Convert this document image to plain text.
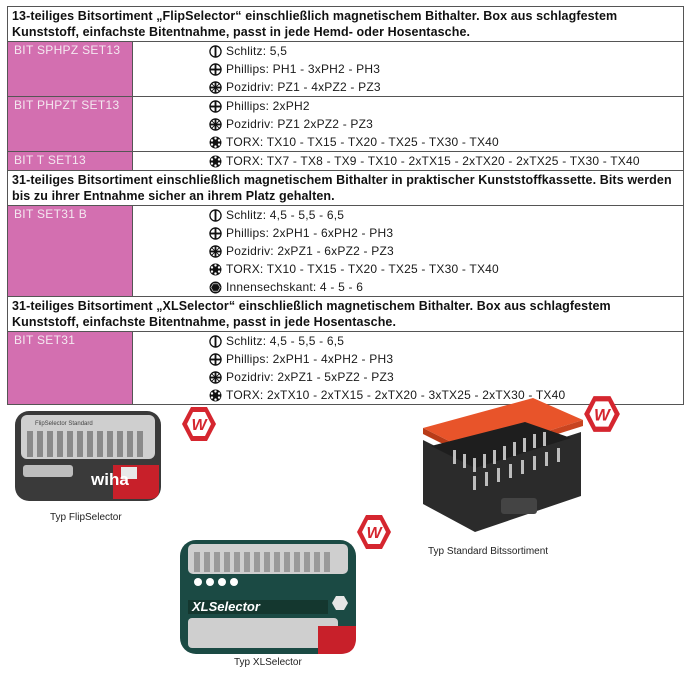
13-teiliges Bitsortiment „FlipSelector“ einschließlich magnetischem Bithalter. Box aus schlagfestem Kunststoff, einfachste Bitentnahme, passt in jede Hemd- oder Hosentasche.
BIT SPHPZ SET13	Schlitz: 5,5
Phillips: PH1 - 3xPH2 - PH3
Pozidriv: PZ1 - 4xPZ2 - PZ3
BIT PHPZT SET13	Phillips: 2xPH2
Pozidriv: PZ1 2xPZ2 - PZ3
TORX: TX10 - TX15 - TX20 - TX25 - TX30 - TX40
BIT T SET13	TORX: TX7 - TX8 - TX9 - TX10 - 2xTX15 - 2xTX20 - 2xTX25 - TX30 - TX40
31-teiliges Bitsortiment einschließlich magnetischem Bithalter in praktischer Kunststoffkassette. Bits werden bis zu ihrer Entnahme sicher an ihrem Platz gehalten.
BIT SET31 B	Schlitz: 4,5 - 5,5 - 6,5
Phillips: 2xPH1 - 6xPH2 - PH3
Pozidriv: 2xPZ1 - 6xPZ2 - PZ3
TORX: TX10 - TX15 - TX20 - TX25 - TX30 - TX40
Innensechskant: 4 - 5 - 6
31-teiliges Bitsortiment „XLSelector“ einschließlich magnetischem Bithalter. Box aus schlagfestem Kunststoff, einfachste Bitentnahme, passt in jede Hosentasche.
BIT SET31	Schlitz: 4,5 - 5,5 - 6,5
Phillips: 2xPH1 - 4xPH2 - PH3
Pozidriv: 2xPZ1 - 5xPZ2 - PZ3
TORX: 2xTX10 - 2xTX15 - 2xTX20 - 3xTX25 - 2xTX30 - TX40
wiha
FlipSelector Standard
Typ FlipSelector
W
Typ Standard Bitssortiment
W
XLSelector
Typ XLSelector
W
